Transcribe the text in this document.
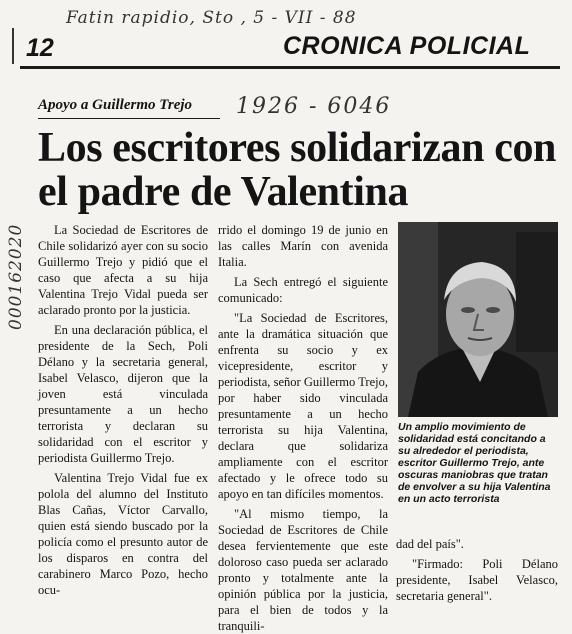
Fatin rapidio, Sto , 5 - VII - 88
1926 - 6046
000162020
12	CRONICA POLICIAL
Apoyo a Guillermo Trejo
Los escritores solidarizan con el padre de Valentina

La Sociedad de Escritores de Chile solidarizó ayer con su socio Guillermo Trejo y pidió que el caso que afecta a su hija Valentina Trejo Vidal pueda ser aclarado pronto por la justicia.

En una declaración pública, el presidente de la Sech, Poli Délano y la secretaria general, Isabel Velasco, dijeron que la joven está vinculada presuntamente a un hecho terrorista y declaran su solidaridad con el escritor y periodista Guillermo Trejo.

Valentina Trejo Vidal fue ex polola del alumno del Instituto Blas Cañas, Víctor Carvallo, quien está siendo buscado por la policía como el presunto autor de los disparos en contra del carabinero Marco Pozo, hecho ocu-

rrido el domingo 19 de junio en las calles Marín con avenida Italia.

La Sech entregó el siguiente comunicado:

"La Sociedad de Escritores, ante la dramática situación que enfrenta su socio y ex vicepresidente, escritor y periodista, señor Guillermo Trejo, por haber sido vinculada presuntamente a un hecho terrorista su hija Valentina, declara que solidariza ampliamente con el escritor afectado y le ofrece todo su apoyo en tan difíciles momentos.

"Al mismo tiempo, la Sociedad de Escritores de Chile desea fervientemente que este doloroso caso pueda ser aclarado pronto y totalmente ante la opinión pública por la justicia, para el bien de todos y la tranquili-

Un amplio movimiento de solidaridad está concitando a su alrededor el periodista, escritor Guillermo Trejo, ante oscuras maniobras que tratan de envolver a su hija Valentina en un acto terrorista

dad del país".

"Firmado: Poli Délano presidente, Isabel Velasco, secretaria general".
